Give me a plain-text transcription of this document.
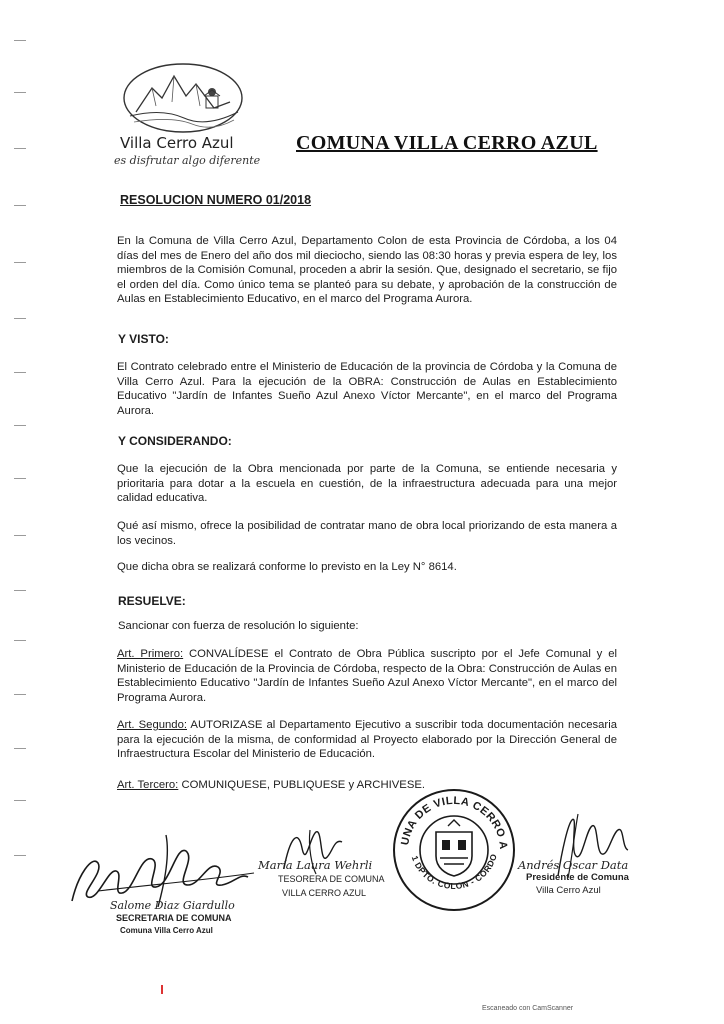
Villa Cerro Azul
es disfrutar algo diferente
COMUNA VILLA CERRO AZUL
RESOLUCION NUMERO 01/2018
En la Comuna de Villa Cerro Azul, Departamento Colon de esta Provincia de Córdoba, a los 04 días del mes de Enero del año dos mil dieciocho, siendo las 08:30 horas y previa espera de ley, los miembros de la Comisión Comunal, proceden a abrir la sesión. Que, designado el secretario, se fijo el orden del día. Como único tema se planteó para su debate, y aprobación de la construcción de Aulas en Establecimiento Educativo, en el marco del Programa Aurora.
Y VISTO:
El Contrato celebrado entre el Ministerio de Educación de la provincia de Córdoba y la Comuna de Villa Cerro Azul. Para la ejecución de la OBRA: Construcción de Aulas en Establecimiento Educativo "Jardín de Infantes Sueño Azul Anexo Víctor Mercante", en el marco del Programa Aurora.
Y CONSIDERANDO:
Que la ejecución de la Obra mencionada por parte de la Comuna, se entiende necesaria y prioritaria para dotar a la escuela en cuestión, de la infraestructura adecuada para una mejor calidad educativa.
Qué así mismo, ofrece la posibilidad de contratar mano de obra local priorizando de esta manera a los vecinos.
Que dicha obra se realizará conforme lo previsto en la Ley N° 8614.
RESUELVE:
Sancionar con fuerza de resolución lo siguiente:
Art. Primero: CONVALÍDESE el Contrato de Obra Pública suscripto por el Jefe Comunal y el Ministerio de Educación de la Provincia de Córdoba, respecto de la Obra: Construcción de Aulas en Establecimiento Educativo "Jardín de Infantes Sueño Azul Anexo Víctor Mercante", en el marco del Programa Aurora.
Art. Segundo: AUTORIZASE al Departamento Ejecutivo a suscribir toda documentación necesaria para la ejecución de la misma, de conformidad al Proyecto elaborado por la Dirección General de Infraestructura Escolar del Ministerio de Educación.
Art. Tercero: COMUNIQUESE, PUBLIQUESE y ARCHIVESE.
Salome Diaz Giardullo
SECRETARIA DE COMUNA
Comuna Villa Cerro Azul
María Laura Wehrli
TESORERA DE COMUNA
VILLA CERRO AZUL
UNA DE VILLA CERRO A
1 DPTO. COLON - CORDO
Andrés Oscar Data
Presidente de Comuna
Villa Cerro Azul
Escaneado con CamScanner
